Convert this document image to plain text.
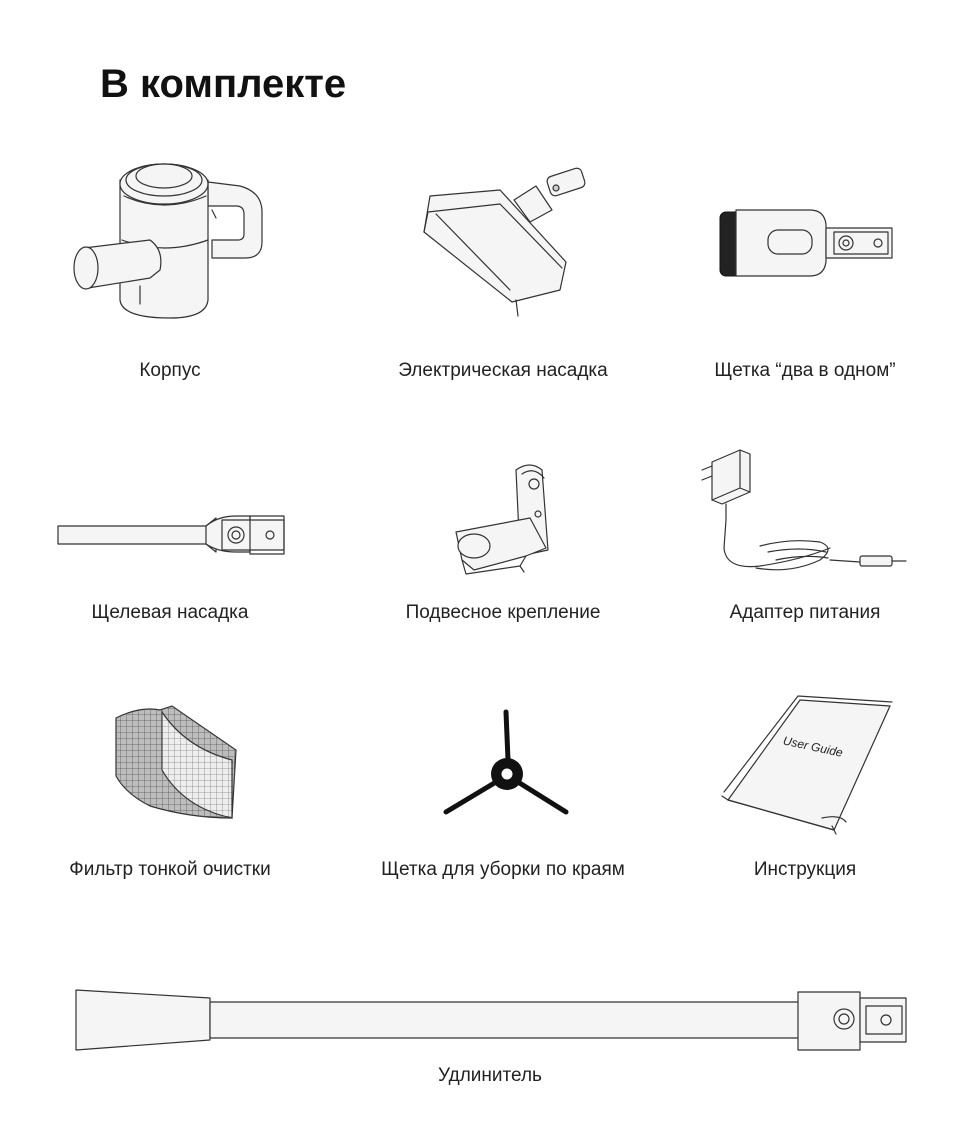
В комплекте
Корпус	Электрическая насадка	Щетка “два в одном”
Щелевая насадка	Подвесное крепление	Адаптер питания
Фильтр тонкой очистки	Щетка для уборки по краям
User Guide
Инструкция
Удлинитель
